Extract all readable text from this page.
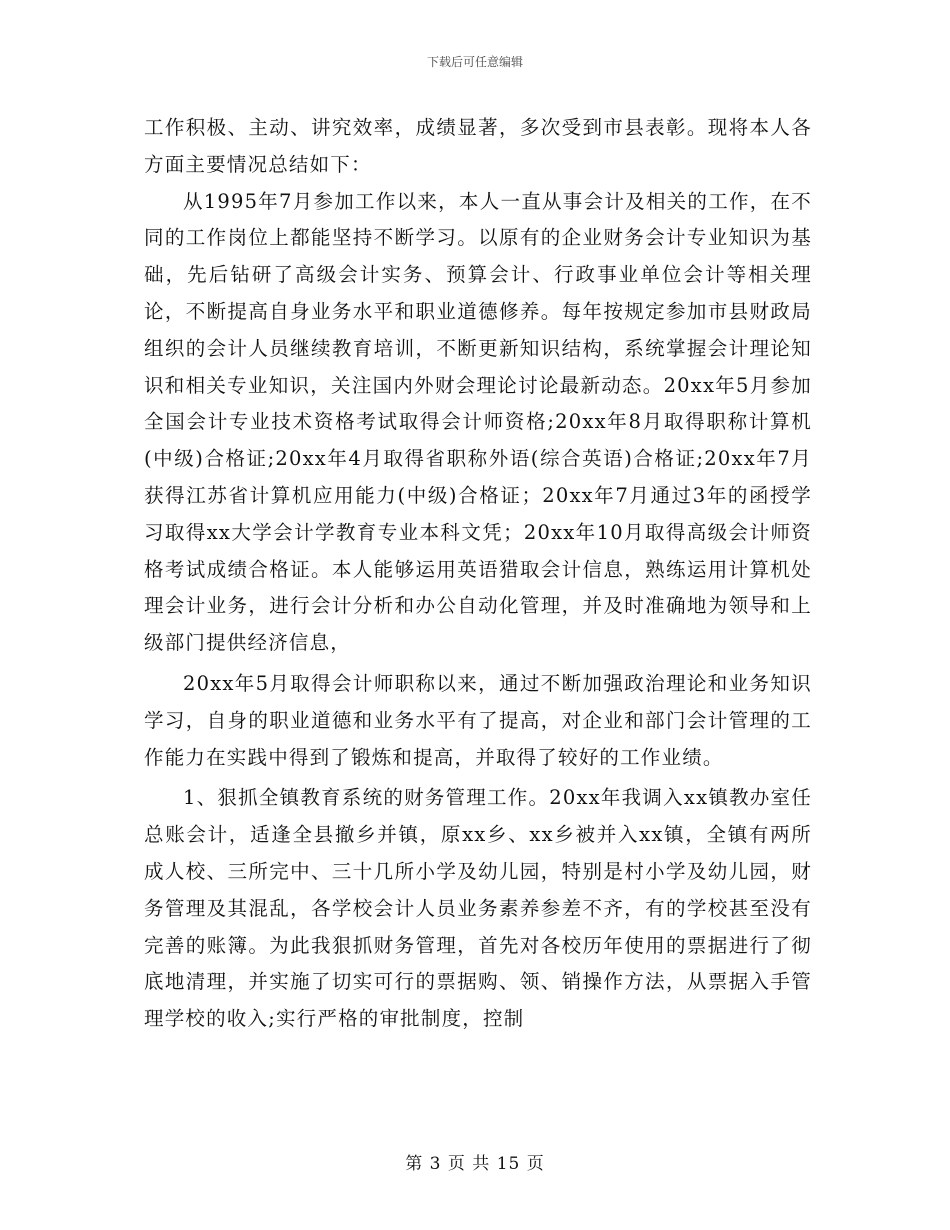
下载后可任意编辑

工作积极、主动、讲究效率，成绩显著，多次受到市县表彰。现将本人各方面主要情况总结如下：

从1995年7月参加工作以来，本人一直从事会计及相关的工作，在不同的工作岗位上都能坚持不断学习。以原有的企业财务会计专业知识为基础，先后钻研了高级会计实务、预算会计、行政事业单位会计等相关理论，不断提高自身业务水平和职业道德修养。每年按规定参加市县财政局组织的会计人员继续教育培训，不断更新知识结构，系统掌握会计理论知识和相关专业知识，关注国内外财会理论讨论最新动态。20xx年5月参加全国会计专业技术资格考试取得会计师资格;20xx年8月取得职称计算机(中级)合格证;20xx年4月取得省职称外语(综合英语)合格证;20xx年7月获得江苏省计算机应用能力(中级)合格证；20xx年7月通过3年的函授学习取得xx大学会计学教育专业本科文凭；20xx年10月取得高级会计师资格考试成绩合格证。本人能够运用英语猎取会计信息，熟练运用计算机处理会计业务，进行会计分析和办公自动化管理，并及时准确地为领导和上级部门提供经济信息，

20xx年5月取得会计师职称以来，通过不断加强政治理论和业务知识学习，自身的职业道德和业务水平有了提高，对企业和部门会计管理的工作能力在实践中得到了锻炼和提高，并取得了较好的工作业绩。

1、狠抓全镇教育系统的财务管理工作。20xx年我调入xx镇教办室任总账会计，适逢全县撤乡并镇，原xx乡、xx乡被并入xx镇，全镇有两所成人校、三所完中、三十几所小学及幼儿园，特别是村小学及幼儿园，财务管理及其混乱，各学校会计人员业务素养参差不齐，有的学校甚至没有完善的账簿。为此我狠抓财务管理，首先对各校历年使用的票据进行了彻底地清理，并实施了切实可行的票据购、领、销操作方法，从票据入手管理学校的收入;实行严格的审批制度，控制

第 3 页 共 15 页
